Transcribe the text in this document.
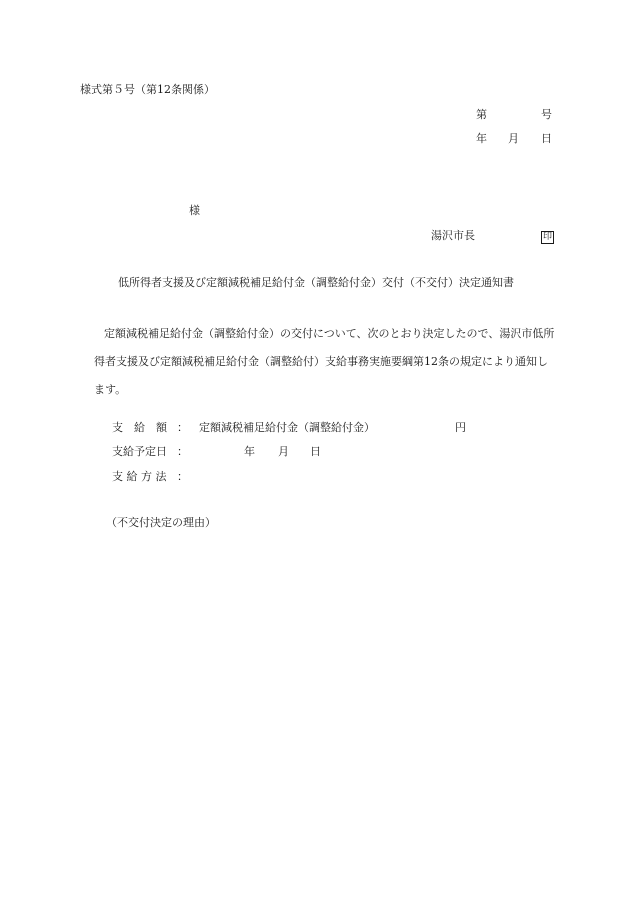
様式第５号（第12条関係）
第	号
年 月 日
様
湯沢市長	印
低所得者支援及び定額減税補足給付金（調整給付金）交付（不交付）決定通知書
定額減税補足給付金（調整給付金）の交付について、次のとおり決定したので、湯沢市低所得者支援及び定額減税補足給付金（調整給付）支給事務実施要綱第12条の規定により通知します。
支　給　額 ： 定額減税補足給付金（調整給付金）	円
支給予定日 ：	年 月 日
支 給 方 法 ：
（不交付決定の理由）
